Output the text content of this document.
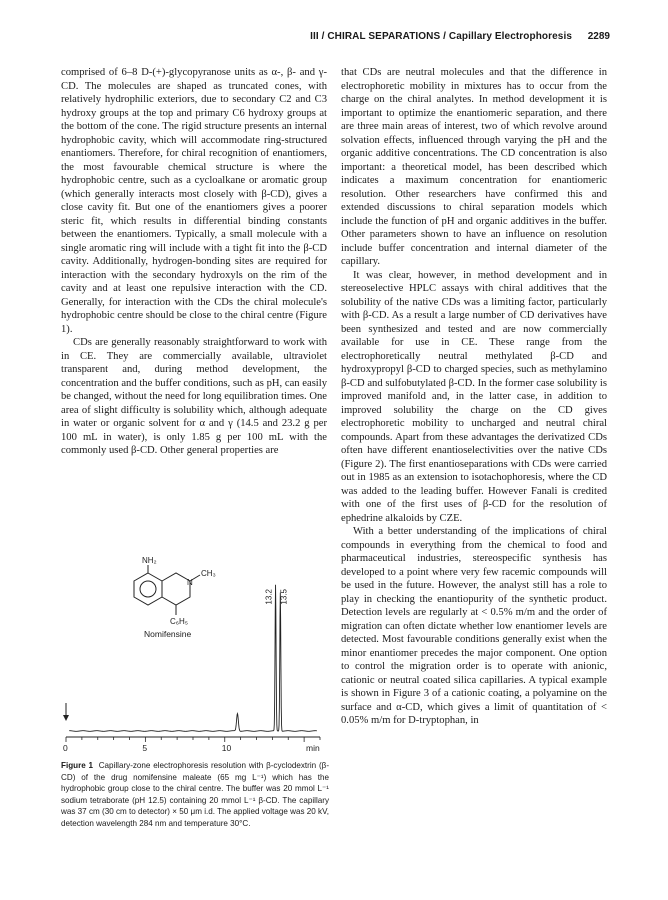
III / CHIRAL SEPARATIONS / Capillary Electrophoresis 2289

comprised of 6–8 D-(+)-glycopyranose units as α-, β- and γ-CD. The molecules are shaped as truncated cones, with relatively hydrophilic exteriors, due to secondary C2 and C3 hydroxy groups at the top and primary C6 hydroxy groups at the bottom of the cone. The rigid structure presents an internal hydrophobic cavity, which will accommodate ring-structured enantiomers. Therefore, for chiral recognition of enantiomers, the most favourable chemical structure is where the hydrophobic centre, such as a cycloalkane or aromatic group (which generally interacts most closely with β-CD), gives a close cavity fit. But one of the enantiomers gives a poorer steric fit, which results in differential binding constants between the enantiomers. Typically, a small molecule with a single aromatic ring will include with a tight fit into the β-CD cavity. Additionally, hydrogen-bonding sites are required for interaction with the secondary hydroxyls on the rim of the cavity and at least one repulsive interaction with the CD. Generally, for interaction with the CDs the chiral molecule's hydrophobic centre should be close to the chiral centre (Figure 1).

CDs are generally reasonably straightforward to work with in CE. They are commercially available, ultraviolet transparent and, during method development, the concentration and the buffer conditions, such as pH, can easily be changed, without the need for long equilibration times. One area of slight difficulty is solubility which, although adequate in water or organic solvent for α and γ (14.5 and 23.2 g per 100 mL in water), is only 1.85 g per 100 mL with the commonly used β-CD. Other general properties are

NH₂
N
CH₃
C₆H₅
Nomifensine
0	5	10	min
13.2 13.5
Figure 1 Capillary-zone electrophoresis resolution with β-cyclodextrin (β-CD) of the drug nomifensine maleate (65 mg L⁻¹) which has the hydrophobic group close to the chiral centre. The buffer was 20 mmol L⁻¹ sodium tetraborate (pH 12.5) containing 20 mmol L⁻¹ β-CD. The capillary was 37 cm (30 cm to detector) × 50 μm i.d. The applied voltage was 20 kV, detection wavelength 284 nm and temperature 30°C.

that CDs are neutral molecules and that the difference in electrophoretic mobility in mixtures has to occur from the charge on the chiral analytes. In method development it is important to optimize the enantiomeric separation, and there are three main areas of interest, two of which revolve around solvation effects, influenced through varying the pH and the organic additive concentrations. The CD concentration is also important: a theoretical model, has been described which indicates a maximum concentration for enantiomeric resolution. Other researchers have confirmed this and extended discussions to chiral separation models which include the function of pH and organic additives in the buffer. Other parameters shown to have an influence on resolution include buffer concentration and internal diameter of the capillary.

It was clear, however, in method development and in stereoselective HPLC assays with chiral additives that the solubility of the native CDs was a limiting factor, particularly with β-CD. As a result a large number of CD derivatives have been synthesized and tested and are now commercially available for use in CE. These range from the electrophoretically neutral methylated β-CD and hydroxypropyl β-CD to charged species, such as methylamino β-CD and sulfobutylated β-CD. In the former case solubility is improved manifold and, in the latter case, in addition to improved solubility the charge on the CD gives electrophoretic mobility to uncharged and neutral chiral compounds. Apart from these advantages the derivatized CDs often have different enantioselectivities over the native CDs (Figure 2). The first enantioseparations with CDs were carried out in 1985 as an extension to isotachophoresis, where the CD was added to the leading buffer. However Fanali is credited with one of the first uses of β-CD for the resolution of ephedrine alkaloids by CZE.

With a better understanding of the implications of chiral compounds in everything from the chemical to food and pharmaceutical industries, stereospecific synthesis has developed to a point where very few racemic compounds will be used in the future. However, the analyst still has a role to play in checking the enantiopurity of the synthetic product. Detection levels are regularly at < 0.5% m/m and the order of migration can often dictate whether low enantiomer levels are detected. Most favourable conditions generally exist when the minor enantiomer precedes the major component. One option to control the migration order is to operate with anionic, cationic or neutral coated silica capillaries. A typical example is shown in Figure 3 of a cationic coating, a polyamine on the surface and α-CD, which gives a limit of quantitation of < 0.05% m/m for D-tryptophan, in
